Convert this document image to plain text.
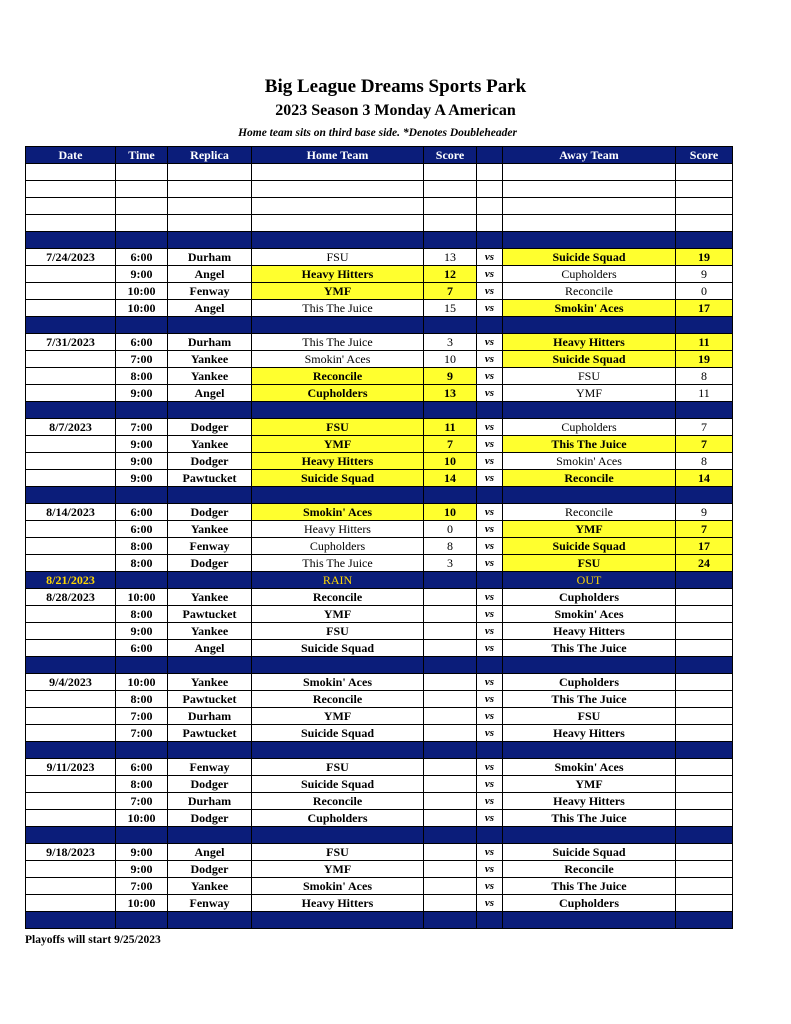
Big League Dreams Sports Park
2023 Season 3 Monday A American
Home team sits on third base side. *Denotes Doubleheader
Date	Time	Replica	Home Team	Score		Away Team	Score

7/24/2023	6:00	Durham	FSU	13	vs	Suicide Squad	19
	9:00	Angel	Heavy Hitters	12	vs	Cupholders	9
	10:00	Fenway	YMF	7	vs	Reconcile	0
	10:00	Angel	This The Juice	15	vs	Smokin' Aces	17

7/31/2023	6:00	Durham	This The Juice	3	vs	Heavy Hitters	11
	7:00	Yankee	Smokin' Aces	10	vs	Suicide Squad	19
	8:00	Yankee	Reconcile	9	vs	FSU	8
	9:00	Angel	Cupholders	13	vs	YMF	11

8/7/2023	7:00	Dodger	FSU	11	vs	Cupholders	7
	9:00	Yankee	YMF	7	vs	This The Juice	7
	9:00	Dodger	Heavy Hitters	10	vs	Smokin' Aces	8
	9:00	Pawtucket	Suicide Squad	14	vs	Reconcile	14

8/14/2023	6:00	Dodger	Smokin' Aces	10	vs	Reconcile	9
	6:00	Yankee	Heavy Hitters	0	vs	YMF	7
	8:00	Fenway	Cupholders	8	vs	Suicide Squad	17
	8:00	Dodger	This The Juice	3	vs	FSU	24
8/21/2023			RAIN			OUT	
8/28/2023	10:00	Yankee	Reconcile		vs	Cupholders	
	8:00	Pawtucket	YMF		vs	Smokin' Aces	
	9:00	Yankee	FSU		vs	Heavy Hitters	
	6:00	Angel	Suicide Squad		vs	This The Juice	

9/4/2023	10:00	Yankee	Smokin' Aces		vs	Cupholders	
	8:00	Pawtucket	Reconcile		vs	This The Juice	
	7:00	Durham	YMF		vs	FSU	
	7:00	Pawtucket	Suicide Squad		vs	Heavy Hitters	

9/11/2023	6:00	Fenway	FSU		vs	Smokin' Aces	
	8:00	Dodger	Suicide Squad		vs	YMF	
	7:00	Durham	Reconcile		vs	Heavy Hitters	
	10:00	Dodger	Cupholders		vs	This The Juice	

9/18/2023	9:00	Angel	FSU		vs	Suicide Squad	
	9:00	Dodger	YMF		vs	Reconcile	
	7:00	Yankee	Smokin' Aces		vs	This The Juice	
	10:00	Fenway	Heavy Hitters		vs	Cupholders	

Playoffs will start 9/25/2023
